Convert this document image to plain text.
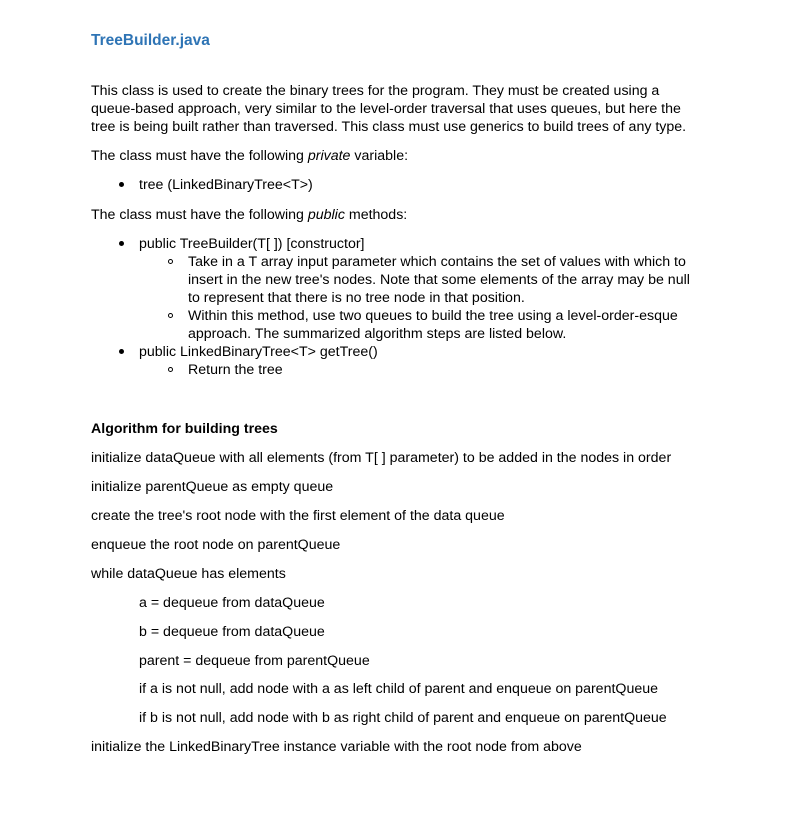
TreeBuilder.java
This class is used to create the binary trees for the program. They must be created using a
queue-based approach, very similar to the level-order traversal that uses queues, but here the
tree is being built rather than traversed. This class must use generics to build trees of any type.
The class must have the following private variable:
tree (LinkedBinaryTree<T>)
The class must have the following public methods:
public TreeBuilder(T[ ]) [constructor]
Take in a T array input parameter which contains the set of values with which to
insert in the new tree's nodes. Note that some elements of the array may be null
to represent that there is no tree node in that position.
Within this method, use two queues to build the tree using a level-order-esque
approach. The summarized algorithm steps are listed below.
public LinkedBinaryTree<T> getTree()
Return the tree
Algorithm for building trees
initialize dataQueue with all elements (from T[ ] parameter) to be added in the nodes in order
initialize parentQueue as empty queue
create the tree's root node with the first element of the data queue
enqueue the root node on parentQueue
while dataQueue has elements
a = dequeue from dataQueue
b = dequeue from dataQueue
parent = dequeue from parentQueue
if a is not null, add node with a as left child of parent and enqueue on parentQueue
if b is not null, add node with b as right child of parent and enqueue on parentQueue
initialize the LinkedBinaryTree instance variable with the root node from above
